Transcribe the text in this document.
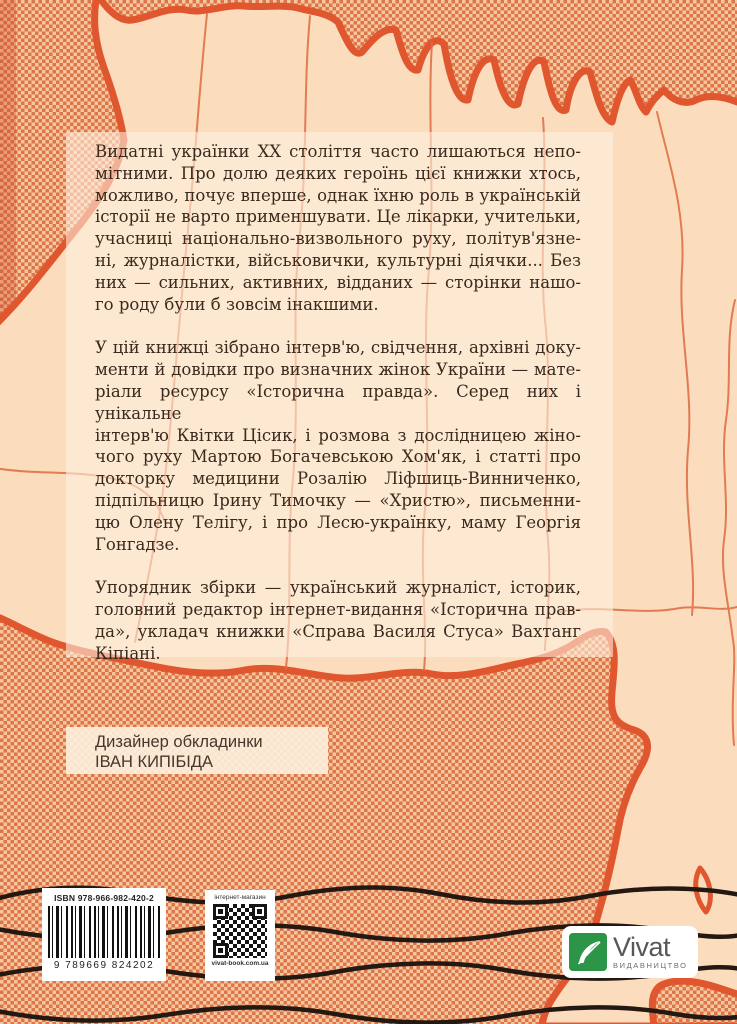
Видатні українки ХХ століття часто лишаються непо-
мітними. Про долю деяких героїнь цієї книжки хтось,
можливо, почує вперше, однак їхню роль в українській
історії не варто применшувати. Це лікарки, учительки,
учасниці національно-визвольного руху, політув'язне-
ні, журналістки, військовички, культурні діячки... Без
них — сильних, активних, відданих — сторінки нашо-
го роду були б зовсім інакшими.

У цій книжці зібрано інтерв'ю, свідчення, архівні доку-
менти й довідки про визначних жінок України — мате-
ріали ресурсу «Історична правда». Серед них і унікальне
інтерв'ю Квітки Цісик, і розмова з дослідницею жіно-
чого руху Мартою Богачевською Хом'як, і статті про
докторку медицини Розалію Ліфшиць-Винниченко,
підпільницю Ірину Тимочку — «Христю», письменни-
цю Олену Телігу, і про Лесю-українку, маму Георгія
Гонгадзе.

Упорядник збірки — український журналіст, історик,
головний редактор інтернет-видання «Історична прав-
да», укладач книжки «Справа Василя Стуса» Вахтанг
Кіпіані.

Дизайнер обкладинки
ІВАН КИПІБІДА
ISBN 978-966-982-420-2
9 789669 824202
інтернет-магазин
vivat-book.com.ua
Vivat
ВИДАВНИЦТВО
